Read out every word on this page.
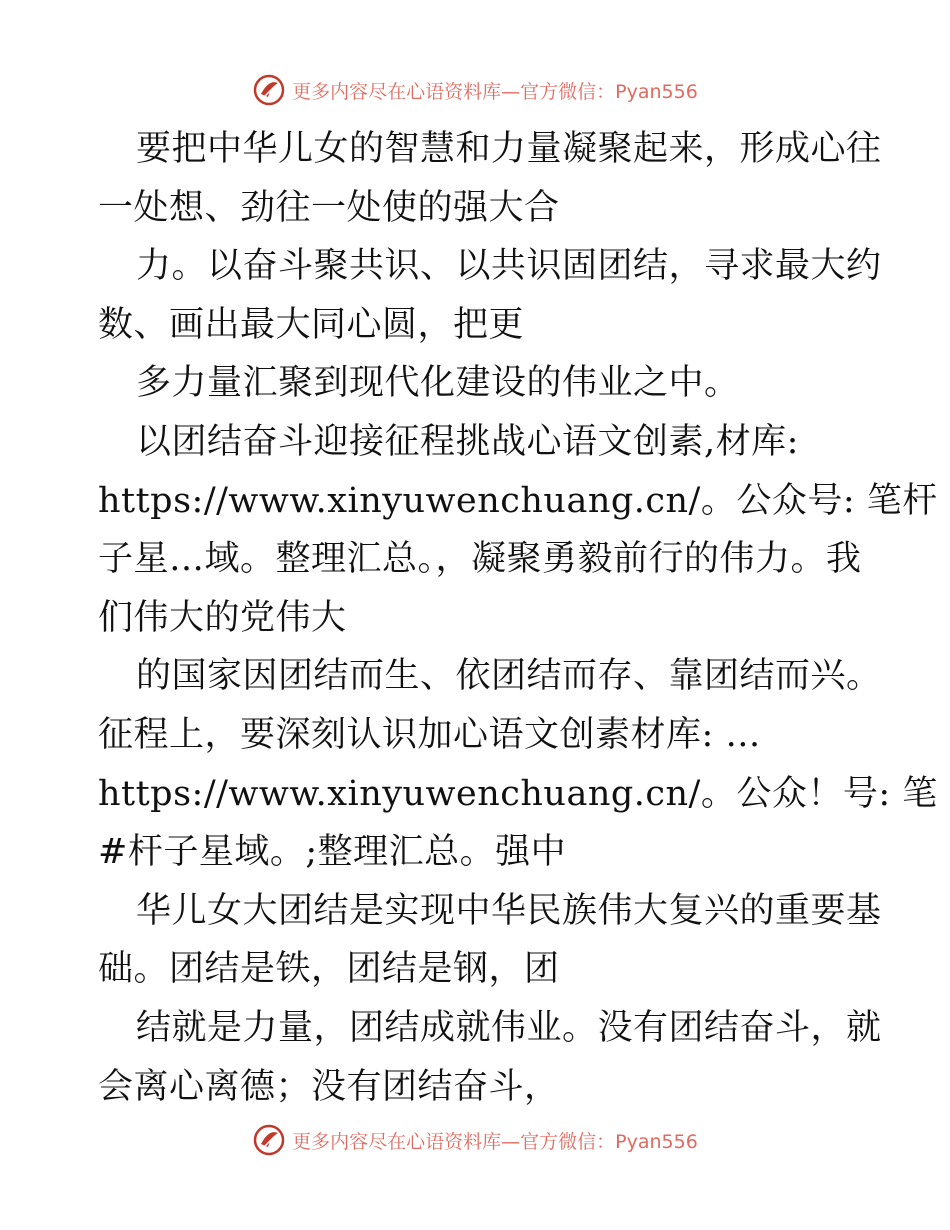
更多内容尽在心语资料库—官方微信：Pyan556
要把中华儿女的智慧和力量凝聚起来，形成心往
一处想、劲往一处使的强大合
力。以奋斗聚共识、以共识固团结，寻求最大约
数、画出最大同心圆，把更
多力量汇聚到现代化建设的伟业之中。
以团结奋斗迎接征程挑战心语文创素,材库:
https://www.xinyuwenchuang.cn/。公众号: 笔杆
子星…域。整理汇总。，凝聚勇毅前行的伟力。我
们伟大的党伟大
的国家因团结而生、依团结而存、靠团结而兴。
征程上，要深刻认识加心语文创素材库: …
https://www.xinyuwenchuang.cn/。公众！号: 笔
#杆子星域。;整理汇总。强中
华儿女大团结是实现中华民族伟大复兴的重要基
础。团结是铁，团结是钢，团
结就是力量，团结成就伟业。没有团结奋斗，就
会离心离德；没有团结奋斗，
更多内容尽在心语资料库—官方微信：Pyan556
